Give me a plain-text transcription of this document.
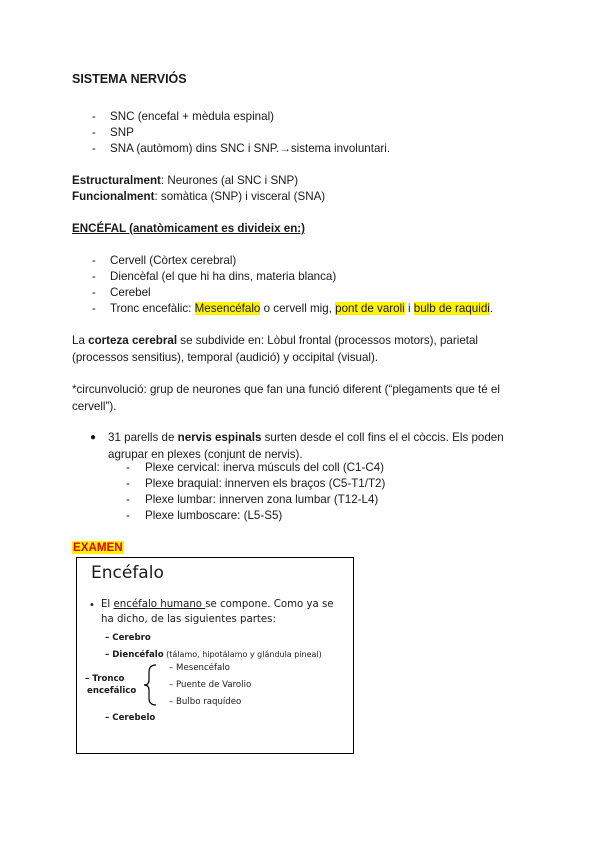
SISTEMA NERVIÓS
- SNC (encefal + mèdula espinal)
- SNP
- SNA (autòmom) dins SNC i SNP.→sistema involuntari.
Estructuralment: Neurones (al SNC i SNP)
Funcionalment: somàtica (SNP) i visceral (SNA)
ENCÉFAL (anatòmicament es divideix en:)
- Cervell (Còrtex cerebral)
- Diencèfal (el que hi ha dins, materia blanca)
- Cerebel
- Tronc encefàlic: Mesencéfalo o cervell mig, pont de varoli i bulb de raquidi.
La corteza cerebral se subdivide en: Lòbul frontal (processos motors), parietal (processos sensitius), temporal (audició) y occipital (visual).
*circunvolució: grup de neurones que fan una funció diferent (“plegaments que té el cervell”).
● 31 parells de nervis espinals surten desde el coll fins el el còccis. Els poden agrupar en plexes (conjunt de nervis).
- Plexe cervical: inerva músculs del coll (C1-C4)
- Plexe braquial: innerven els braços (C5-T1/T2)
- Plexe lumbar: innerven zona lumbar (T12-L4)
- Plexe lumboscare: (L5-S5)
EXAMEN
Encéfalo
• El encéfalo humano se compone. Como ya se
ha dicho, de las siguientes partes:
– Cerebro
– Diencéfalo (tálamo, hipotálamo y glándula pineal)
– Tronco
encefálico
– Mesencéfalo
– Puente de Varolio
– Bulbo raquídeo
– Cerebelo
